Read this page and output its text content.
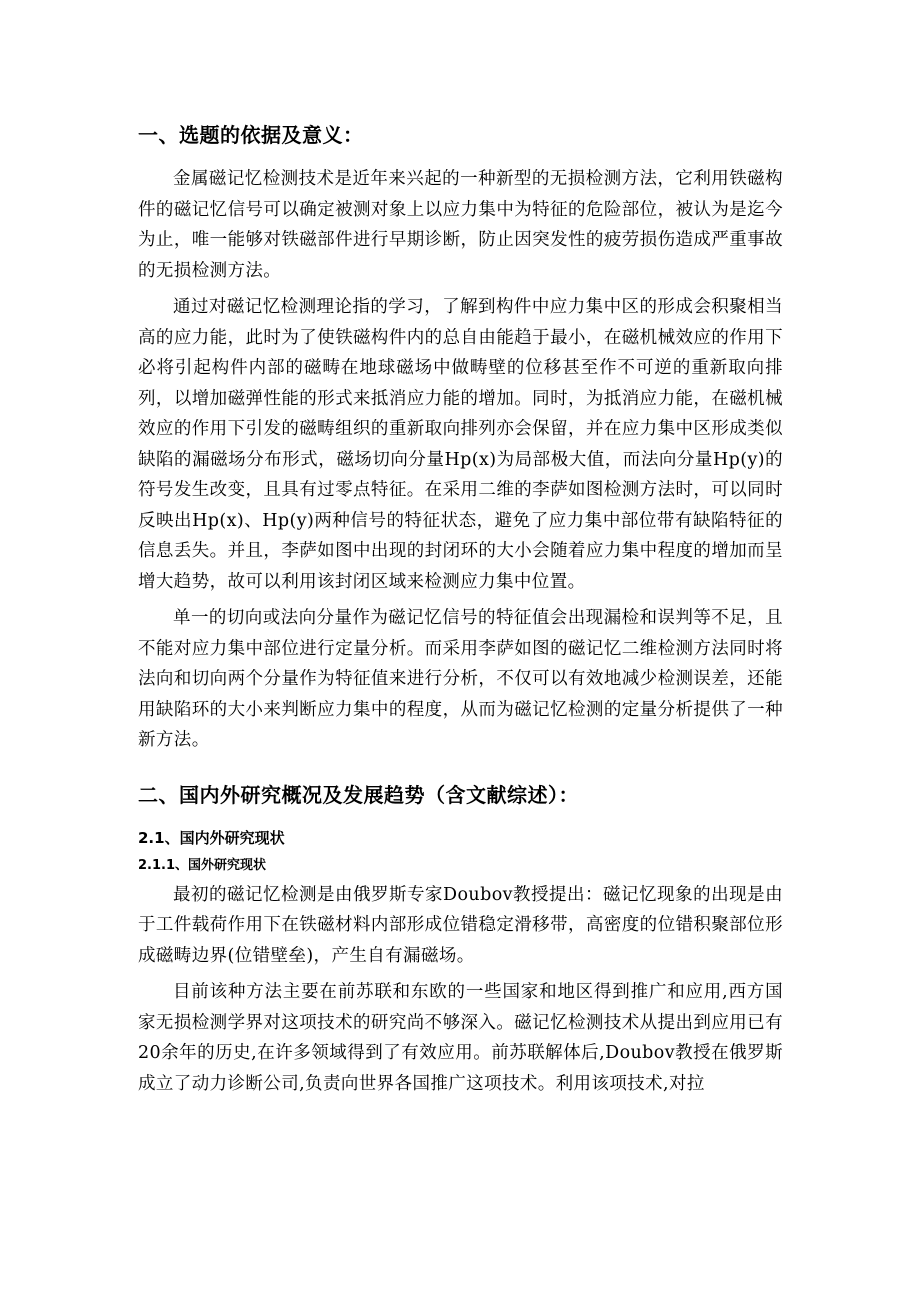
一、选题的依据及意义：

金属磁记忆检测技术是近年来兴起的一种新型的无损检测方法，它利用铁磁构件的磁记忆信号可以确定被测对象上以应力集中为特征的危险部位，被认为是迄今为止，唯一能够对铁磁部件进行早期诊断，防止因突发性的疲劳损伤造成严重事故的无损检测方法。

通过对磁记忆检测理论指的学习，了解到构件中应力集中区的形成会积聚相当高的应力能，此时为了使铁磁构件内的总自由能趋于最小，在磁机械效应的作用下必将引起构件内部的磁畴在地球磁场中做畴壁的位移甚至作不可逆的重新取向排列，以增加磁弹性能的形式来抵消应力能的增加。同时，为抵消应力能，在磁机械效应的作用下引发的磁畴组织的重新取向排列亦会保留，并在应力集中区形成类似缺陷的漏磁场分布形式，磁场切向分量Hp(x)为局部极大值，而法向分量Hp(y)的符号发生改变，且具有过零点特征。在采用二维的李萨如图检测方法时，可以同时反映出Hp(x)、Hp(y)两种信号的特征状态，避免了应力集中部位带有缺陷特征的信息丢失。并且，李萨如图中出现的封闭环的大小会随着应力集中程度的增加而呈增大趋势，故可以利用该封闭区域来检测应力集中位置。

单一的切向或法向分量作为磁记忆信号的特征值会出现漏检和误判等不足，且不能对应力集中部位进行定量分析。而采用李萨如图的磁记忆二维检测方法同时将法向和切向两个分量作为特征值来进行分析，不仅可以有效地减少检测误差，还能用缺陷环的大小来判断应力集中的程度，从而为磁记忆检测的定量分析提供了一种新方法。

二、国内外研究概况及发展趋势（含文献综述）：
2.1、国内外研究现状
2.1.1、国外研究现状

最初的磁记忆检测是由俄罗斯专家Doubov教授提出：磁记忆现象的出现是由于工件载荷作用下在铁磁材料内部形成位错稳定滑移带，高密度的位错积聚部位形成磁畴边界(位错壁垒)，产生自有漏磁场。

目前该种方法主要在前苏联和东欧的一些国家和地区得到推广和应用,西方国家无损检测学界对这项技术的研究尚不够深入。磁记忆检测技术从提出到应用已有20余年的历史,在许多领域得到了有效应用。前苏联解体后,Doubov教授在俄罗斯成立了动力诊断公司,负责向世界各国推广这项技术。利用该项技术,对拉
